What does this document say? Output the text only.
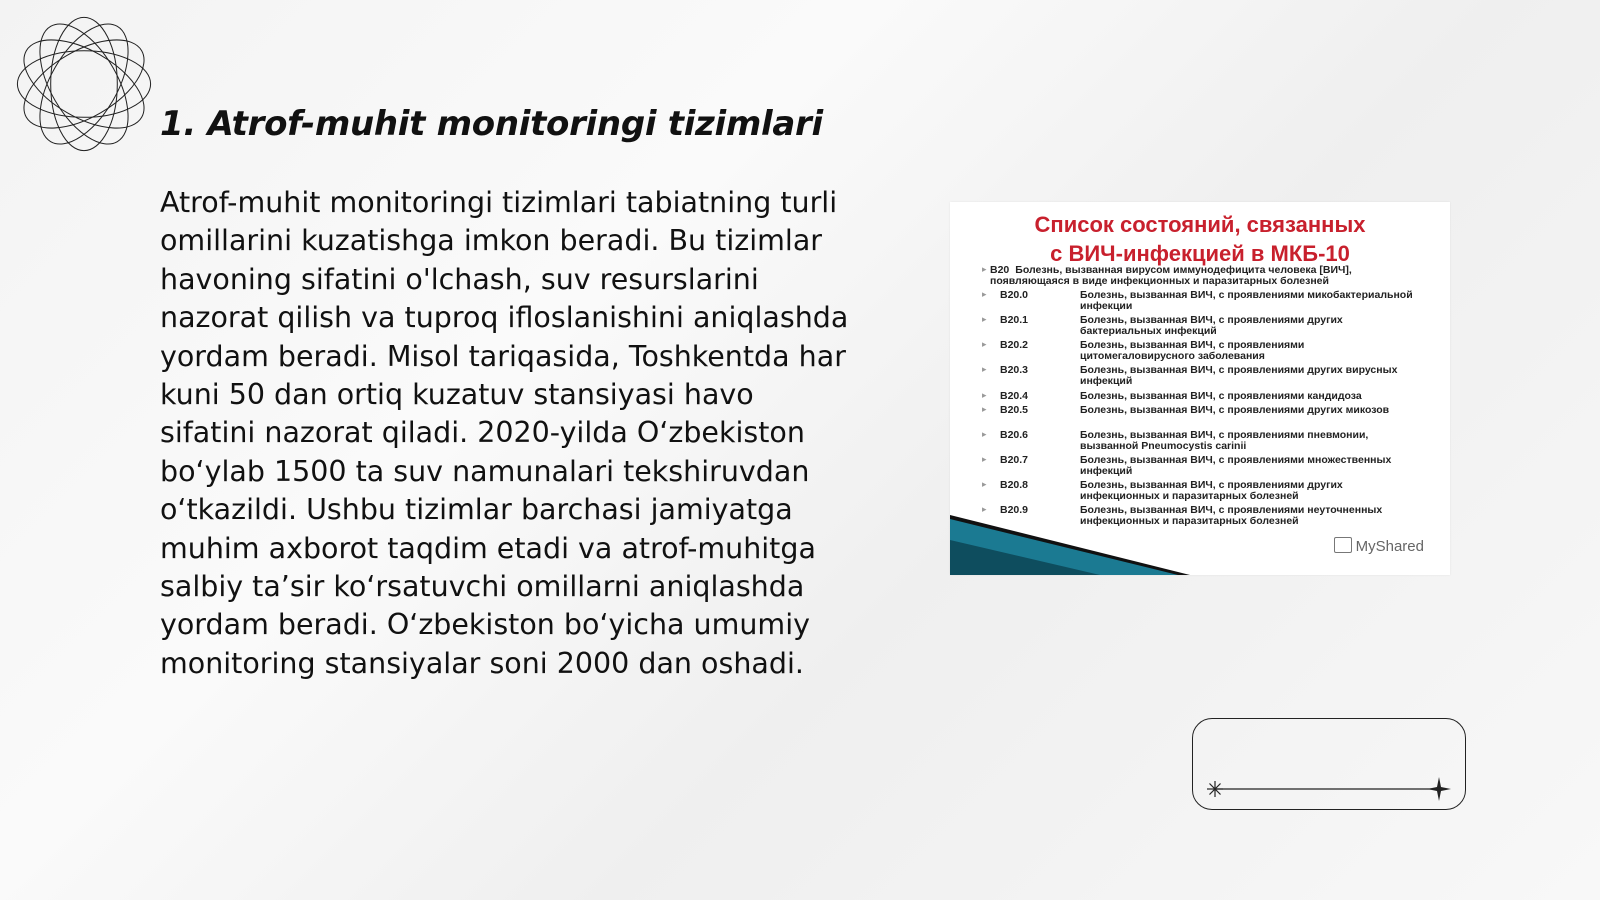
1. Atrof-muhit monitoringi tizimlari

Atrof-muhit monitoringi tizimlari tabiatning turli omillarini kuzatishga imkon beradi. Bu tizimlar havoning sifatini o'lchash, suv resurslarini nazorat qilish va tuproq ifloslanishini aniqlashda yordam beradi. Misol tariqasida, Toshkentda har kuni 50 dan ortiq kuzatuv stansiyasi havo sifatini nazorat qiladi. 2020-yilda O‘zbekiston bo‘ylab 1500 ta suv namunalari tekshiruvdan o‘tkazildi. Ushbu tizimlar barchasi jamiyatga muhim axborot taqdim etadi va atrof-muhitga salbiy ta’sir ko‘rsatuvchi omillarni aniqlashda yordam beradi. O‘zbekiston bo‘yicha umumiy monitoring stansiyalar soni 2000 dan oshadi.

Список состояний, связанных
с ВИЧ-инфекцией в МКБ-10
▸ B20 Болезнь, вызванная вирусом иммунодефицита человека [ВИЧ], появляющаяся в виде инфекционных и паразитарных болезней
▸ B20.0	Болезнь, вызванная ВИЧ, с проявлениями микобактериальной инфекции
▸ B20.1	Болезнь, вызванная ВИЧ, с проявлениями других бактериальных инфекций
▸ B20.2	Болезнь, вызванная ВИЧ, с проявлениями цитомегаловирусного заболевания
▸ B20.3	Болезнь, вызванная ВИЧ, с проявлениями других вирусных инфекций
▸ B20.4	Болезнь, вызванная ВИЧ, с проявлениями кандидоза
▸ B20.5	Болезнь, вызванная ВИЧ, с проявлениями других микозов
▸ B20.6	Болезнь, вызванная ВИЧ, с проявлениями пневмонии, вызванной Pneumocystis carinii
▸ B20.7	Болезнь, вызванная ВИЧ, с проявлениями множественных инфекций
▸ B20.8	Болезнь, вызванная ВИЧ, с проявлениями других инфекционных и паразитарных болезней
▸ B20.9	Болезнь, вызванная ВИЧ, с проявлениями неуточненных инфекционных и паразитарных болезней
MyShared
